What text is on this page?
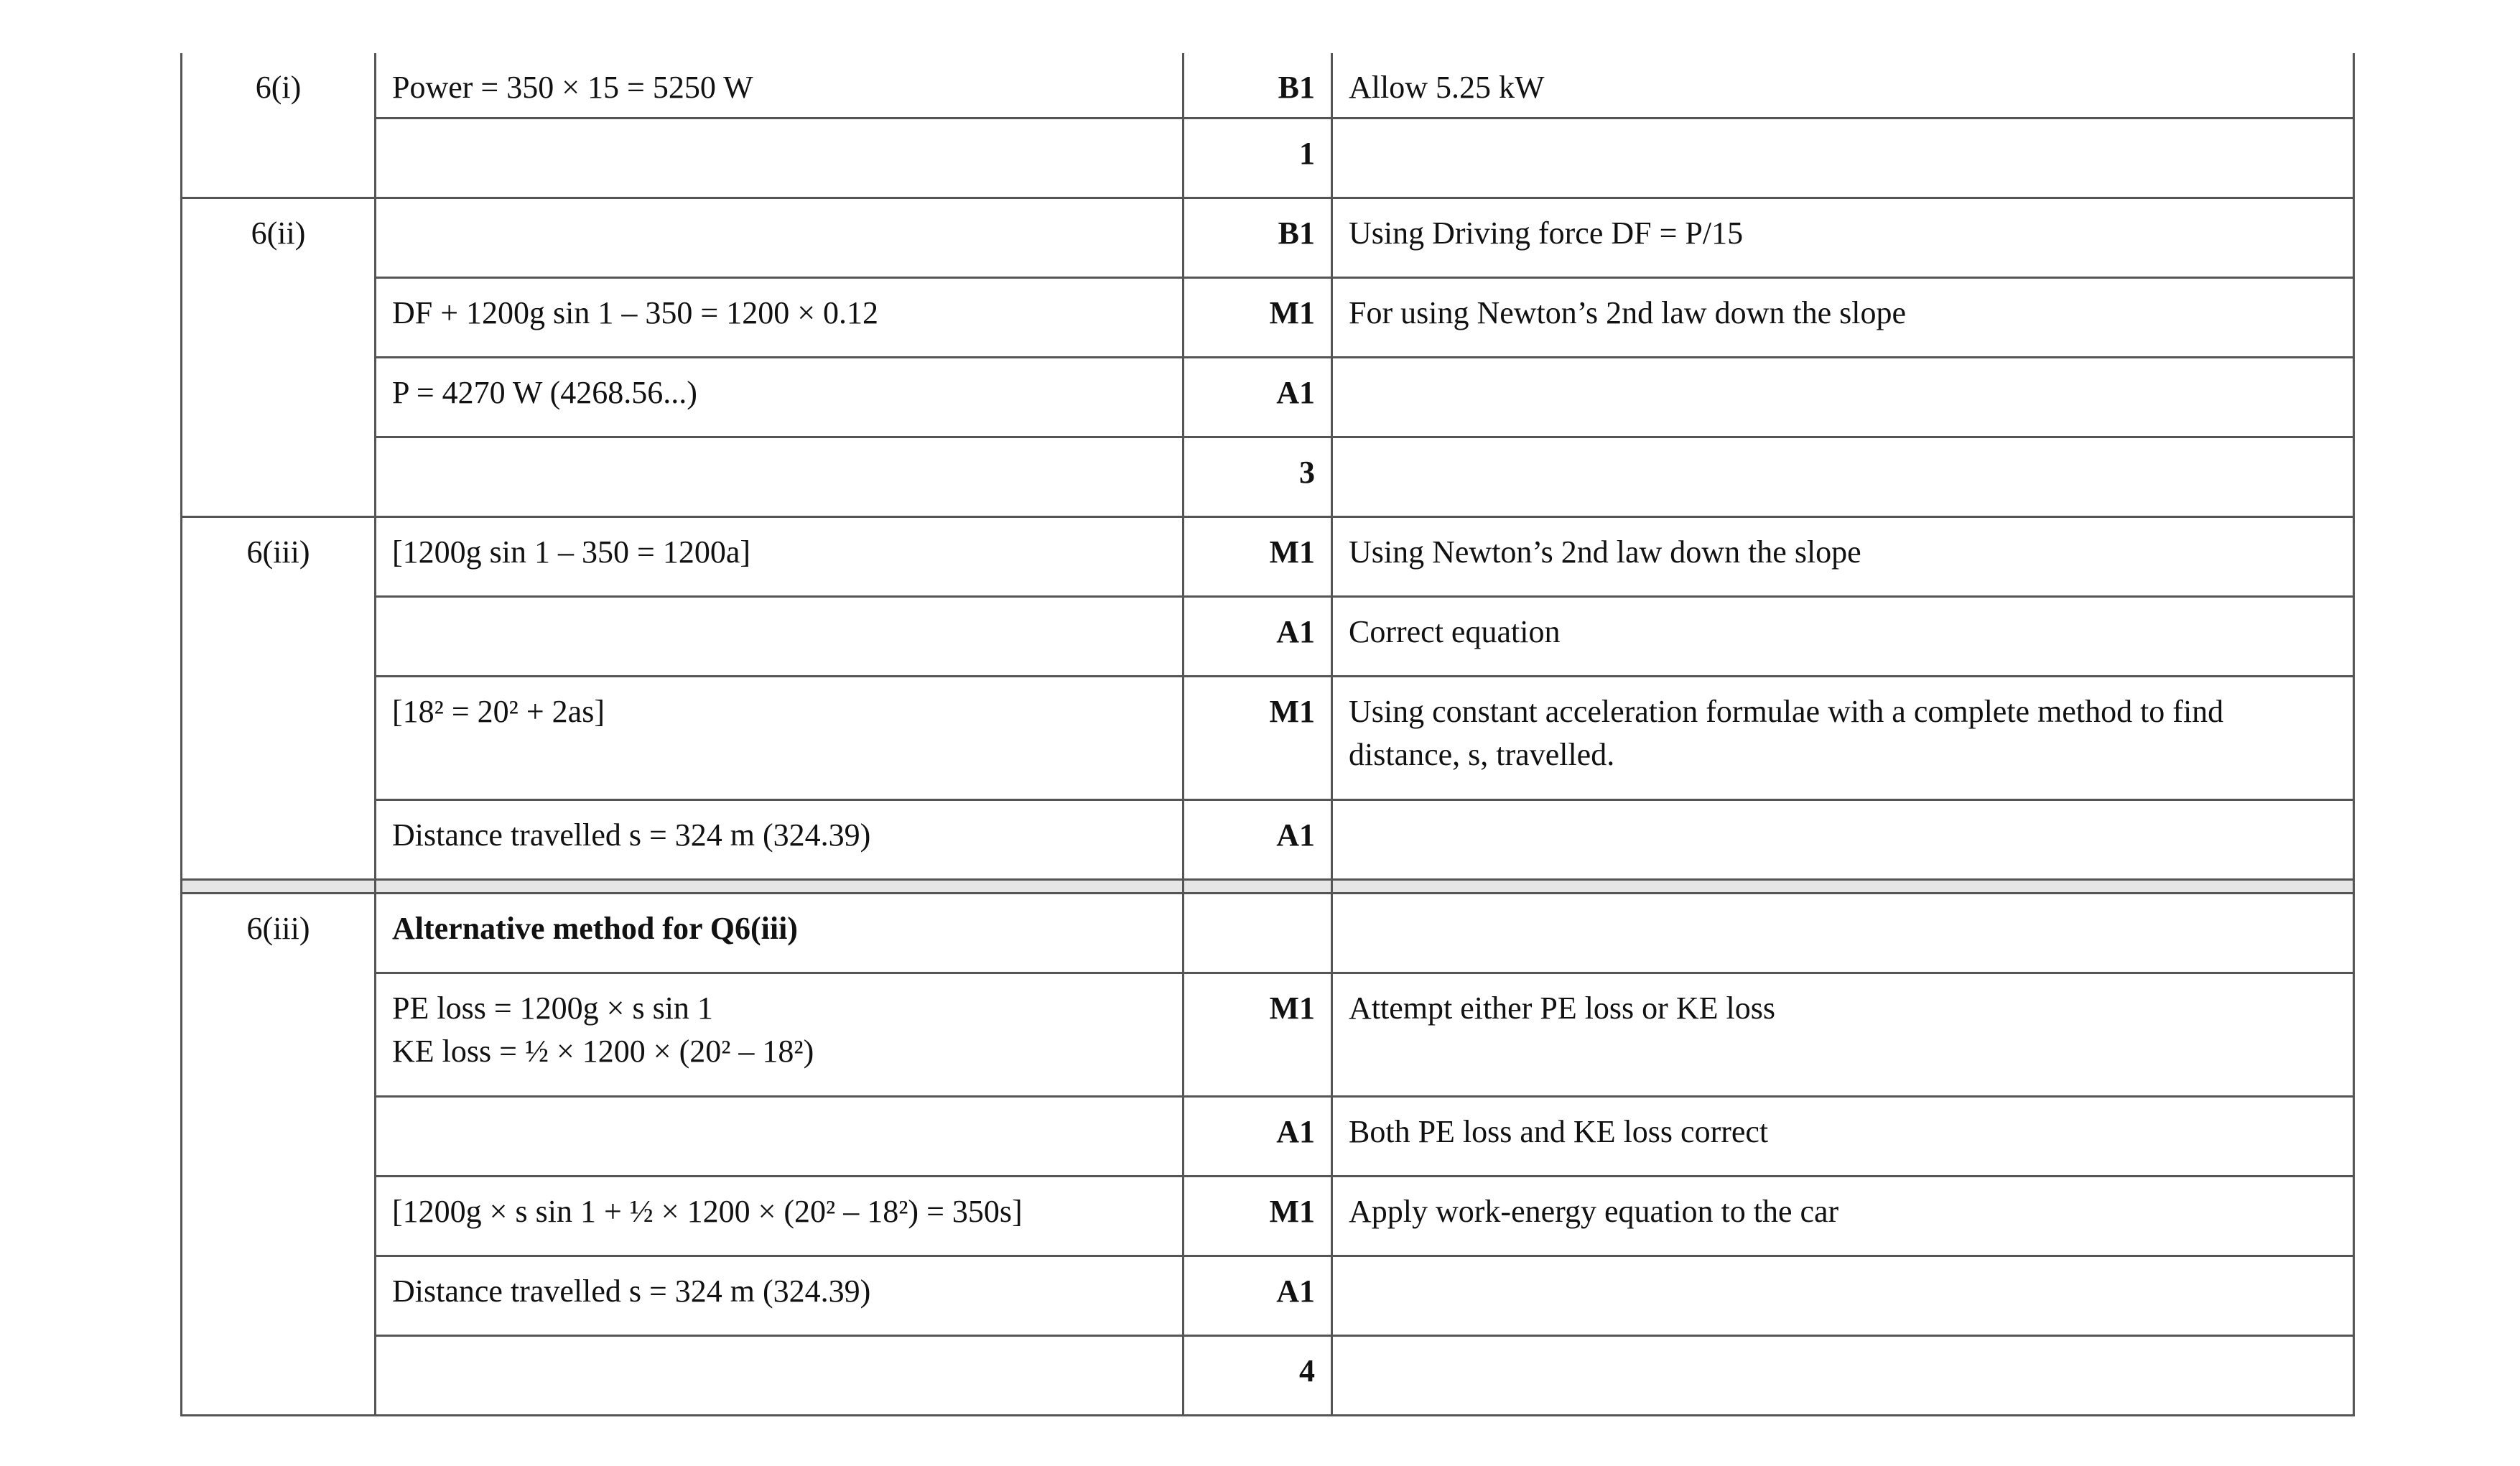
6(i)	Power = 350 × 15 = 5250 W	B1	Allow 5.25 kW

		1	

6(ii)		B1	Using Driving force DF = P/15

	DF + 1200g sin 1 – 350 = 1200 × 0.12	M1	For using Newton’s 2nd law down the slope

	P = 4270 W (4268.56...)	A1	

		3	

6(iii)	[1200g sin 1 – 350 = 1200a]	M1	Using Newton’s 2nd law down the slope

		A1	Correct equation

	[18² = 20² + 2as]	M1	Using constant acceleration formulae with a complete method to find
distance, s, travelled.

	Distance travelled s = 324 m (324.39)	A1	

6(iii)	Alternative method for Q6(iii)		

	PE loss = 1200g × s sin 1
KE loss = ½ × 1200 × (20² – 18²)	M1	Attempt either PE loss or KE loss

		A1	Both PE loss and KE loss correct

	[1200g × s sin 1 + ½ × 1200 × (20² – 18²) = 350s]	M1	Apply work-energy equation to the car

	Distance travelled s = 324 m (324.39)	A1	

		4	
